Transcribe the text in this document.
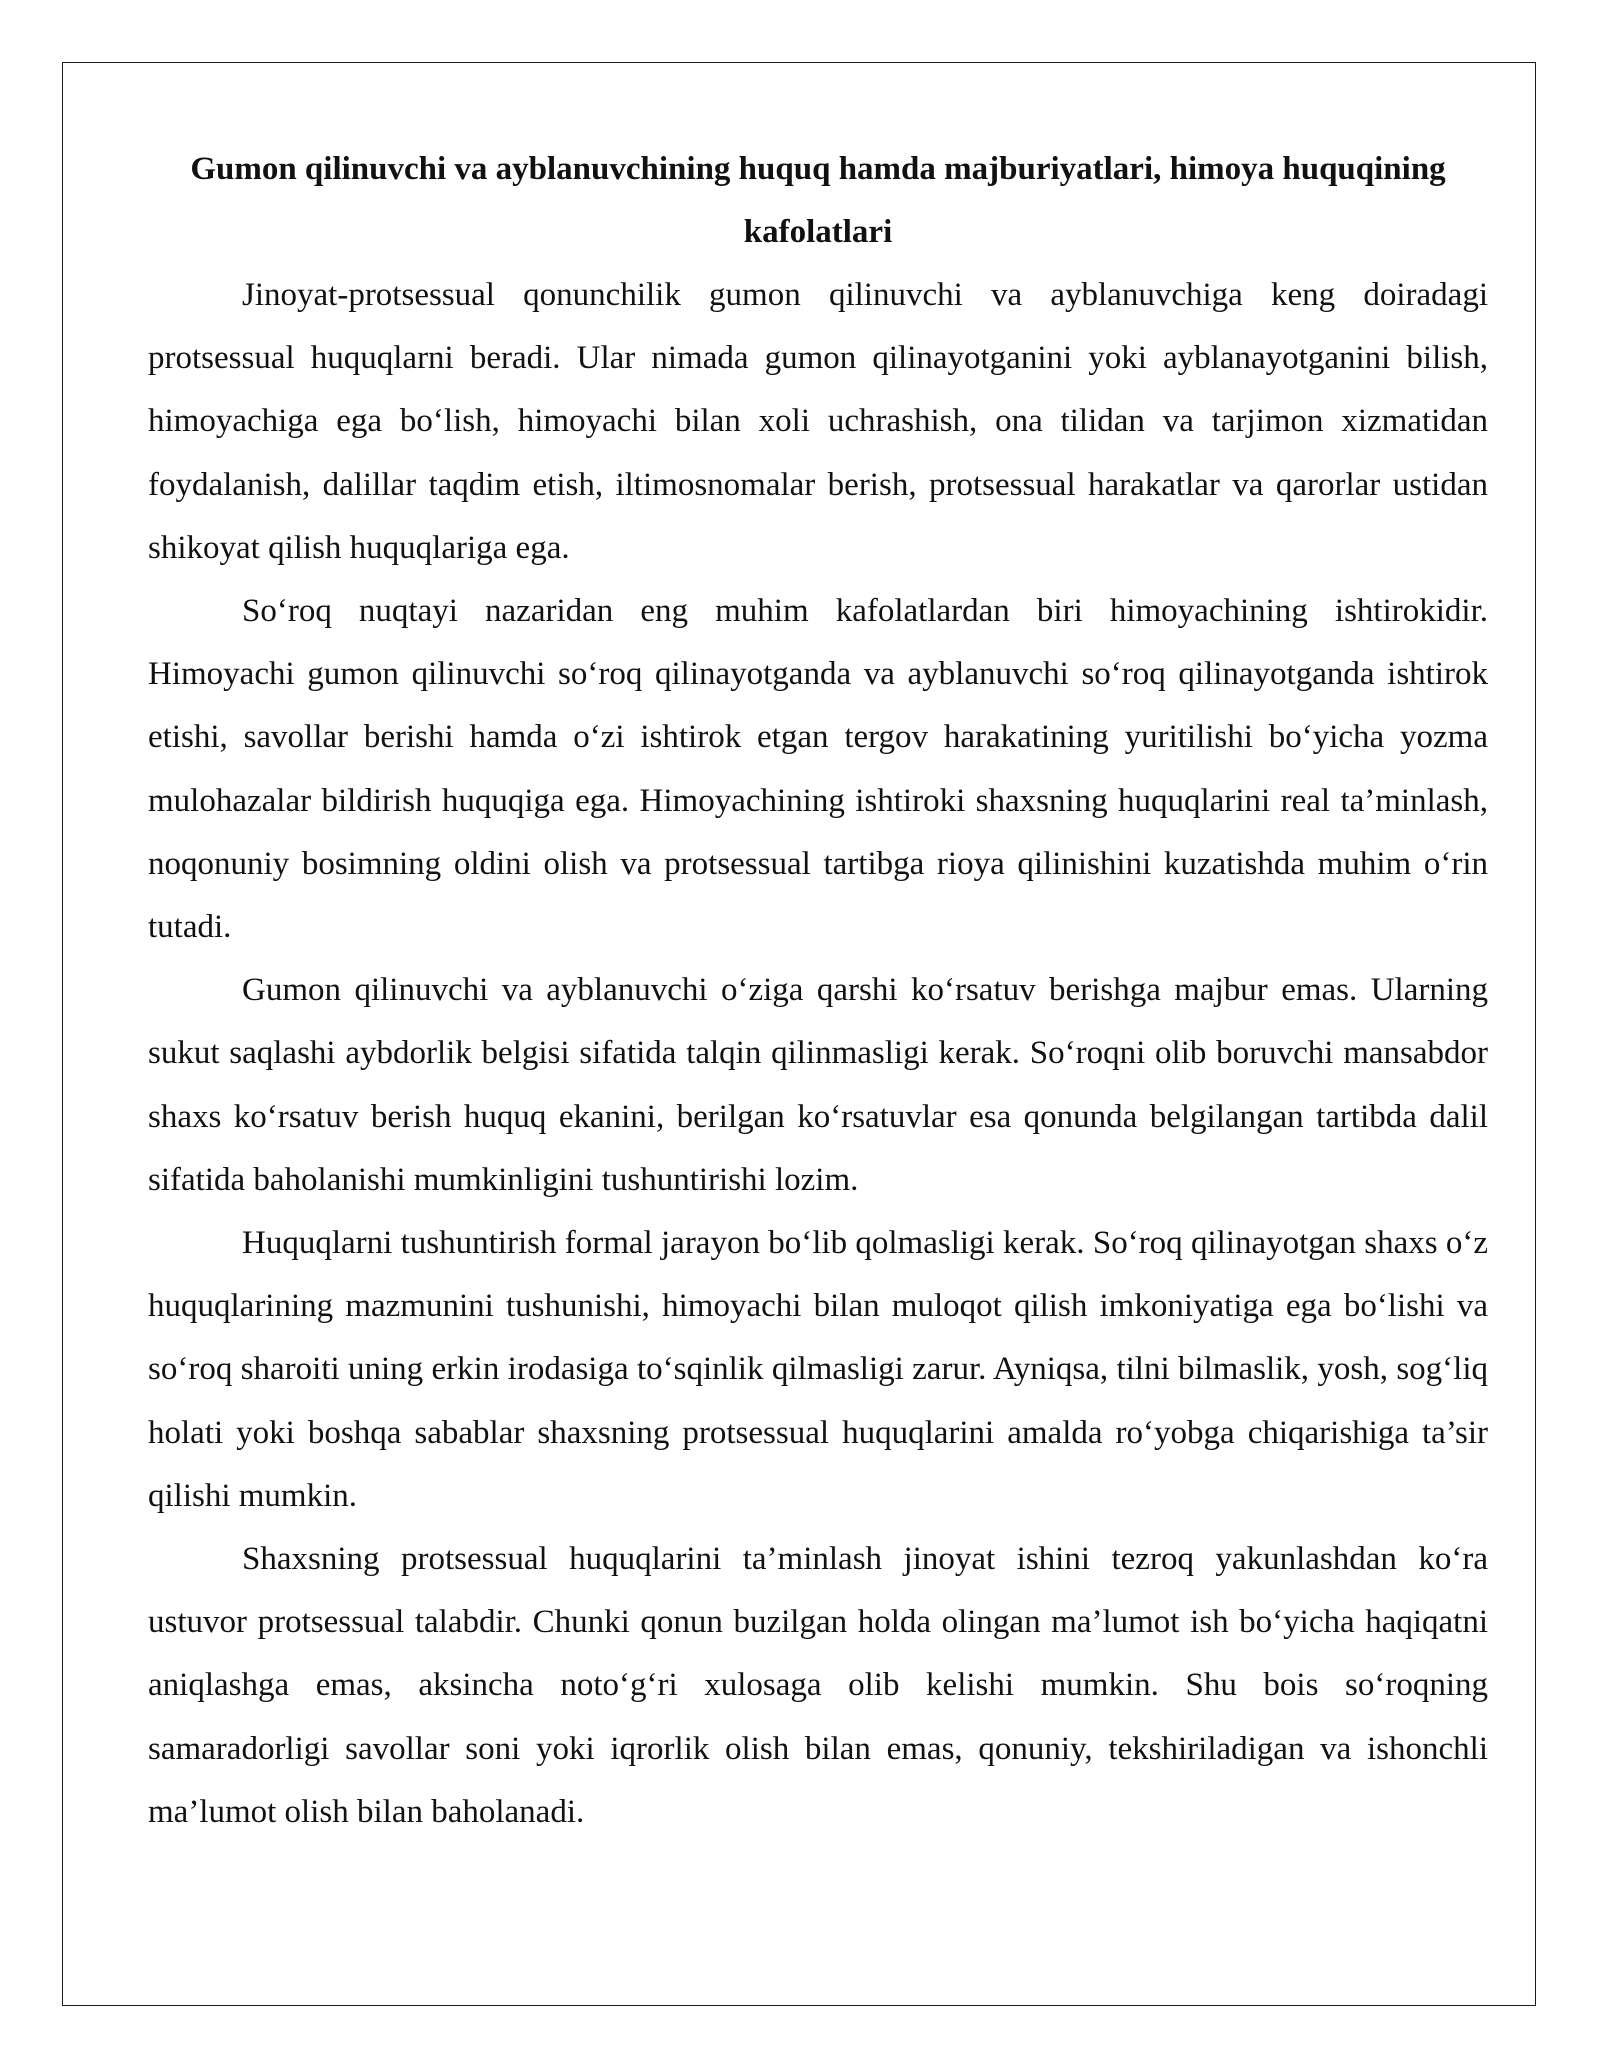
Gumon qilinuvchi va ayblanuvchining huquq hamda majburiyatlari, himoya huquqining kafolatlari

Jinoyat-protsessual qonunchilik gumon qilinuvchi va ayblanuvchiga keng doiradagi protsessual huquqlarni beradi. Ular nimada gumon qilinayotganini yoki ayblanayotganini bilish, himoyachiga ega bo‘lish, himoyachi bilan xoli uchrashish, ona tilidan va tarjimon xizmatidan foydalanish, dalillar taqdim etish, iltimosnomalar berish, protsessual harakatlar va qarorlar ustidan shikoyat qilish huquqlariga ega.

So‘roq nuqtayi nazaridan eng muhim kafolatlardan biri himoyachining ishtirokidir. Himoyachi gumon qilinuvchi so‘roq qilinayotganda va ayblanuvchi so‘roq qilinayotganda ishtirok etishi, savollar berishi hamda o‘zi ishtirok etgan tergov harakatining yuritilishi bo‘yicha yozma mulohazalar bildirish huquqiga ega. Himoyachining ishtiroki shaxsning huquqlarini real ta’minlash, noqonuniy bosimning oldini olish va protsessual tartibga rioya qilinishini kuzatishda muhim o‘rin tutadi.

Gumon qilinuvchi va ayblanuvchi o‘ziga qarshi ko‘rsatuv berishga majbur emas. Ularning sukut saqlashi aybdorlik belgisi sifatida talqin qilinmasligi kerak. So‘roqni olib boruvchi mansabdor shaxs ko‘rsatuv berish huquq ekanini, berilgan ko‘rsatuvlar esa qonunda belgilangan tartibda dalil sifatida baholanishi mumkinligini tushuntirishi lozim.

Huquqlarni tushuntirish formal jarayon bo‘lib qolmasligi kerak. So‘roq qilinayotgan shaxs o‘z huquqlarining mazmunini tushunishi, himoyachi bilan muloqot qilish imkoniyatiga ega bo‘lishi va so‘roq sharoiti uning erkin irodasiga to‘sqinlik qilmasligi zarur. Ayniqsa, tilni bilmaslik, yosh, sog‘liq holati yoki boshqa sabablar shaxsning protsessual huquqlarini amalda ro‘yobga chiqarishiga ta’sir qilishi mumkin.

Shaxsning protsessual huquqlarini ta’minlash jinoyat ishini tezroq yakunlashdan ko‘ra ustuvor protsessual talabdir. Chunki qonun buzilgan holda olingan ma’lumot ish bo‘yicha haqiqatni aniqlashga emas, aksincha noto‘g‘ri xulosaga olib kelishi mumkin. Shu bois so‘roqning samaradorligi savollar soni yoki iqrorlik olish bilan emas, qonuniy, tekshiriladigan va ishonchli ma’lumot olish bilan baholanadi.
